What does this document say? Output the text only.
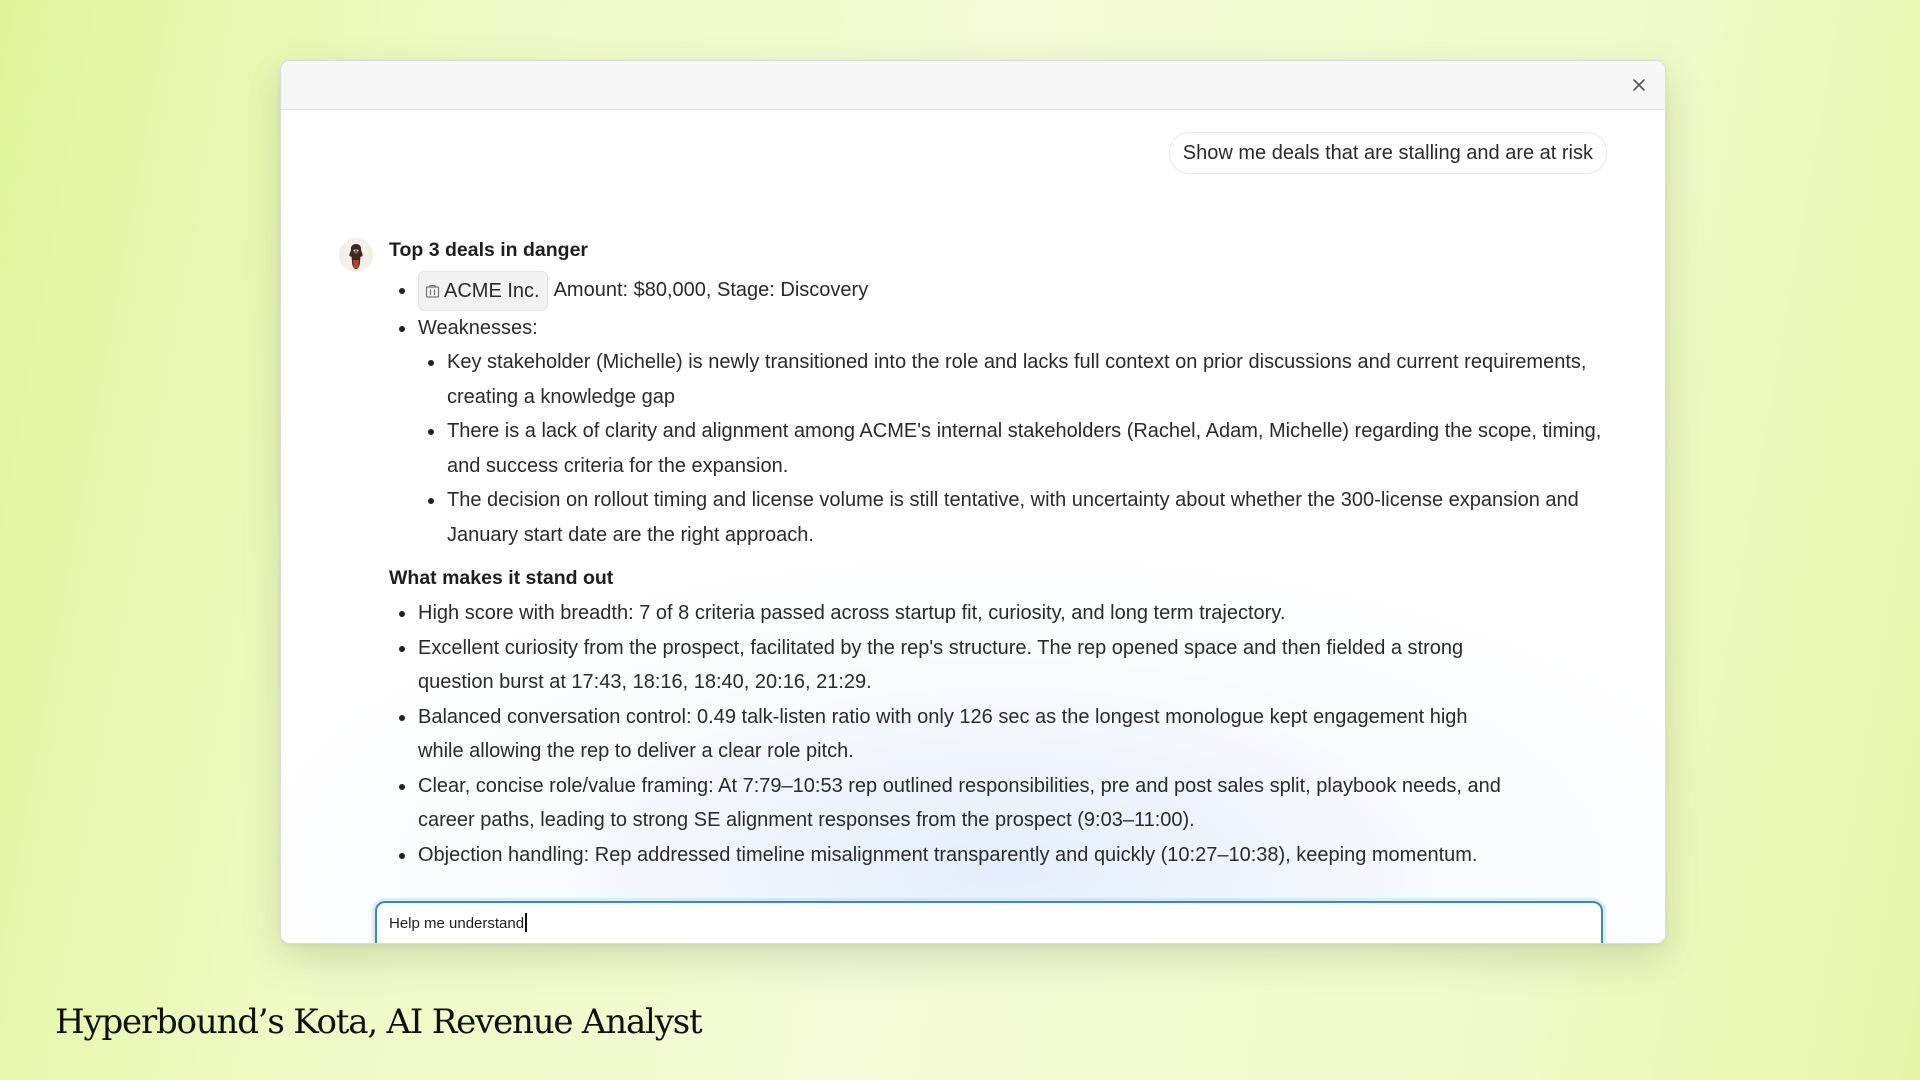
Show me deals that are stalling and are at risk
Top 3 deals in danger
ACME Inc. Amount: $80,000, Stage: Discovery
Weaknesses:
Key stakeholder (Michelle) is newly transitioned into the role and lacks full context on prior discussions and current requirements, creating a knowledge gap
There is a lack of clarity and alignment among ACME's internal stakeholders (Rachel, Adam, Michelle) regarding the scope, timing, and success criteria for the expansion.
The decision on rollout timing and license volume is still tentative, with uncertainty about whether the 300-license expansion and January start date are the right approach.
What makes it stand out
High score with breadth: 7 of 8 criteria passed across startup fit, curiosity, and long term trajectory.
Excellent curiosity from the prospect, facilitated by the rep's structure. The rep opened space and then fielded a strong question burst at 17:43, 18:16, 18:40, 20:16, 21:29.
Balanced conversation control: 0.49 talk-listen ratio with only 126 sec as the longest monologue kept engagement high while allowing the rep to deliver a clear role pitch.
Clear, concise role/value framing: At 7:79–10:53 rep outlined responsibilities, pre and post sales split, playbook needs, and career paths, leading to strong SE alignment responses from the prospect (9:03–11:00).
Objection handling: Rep addressed timeline misalignment transparently and quickly (10:27–10:38), keeping momentum.
Help me understand
Hyperbound’s Kota, AI Revenue Analyst
